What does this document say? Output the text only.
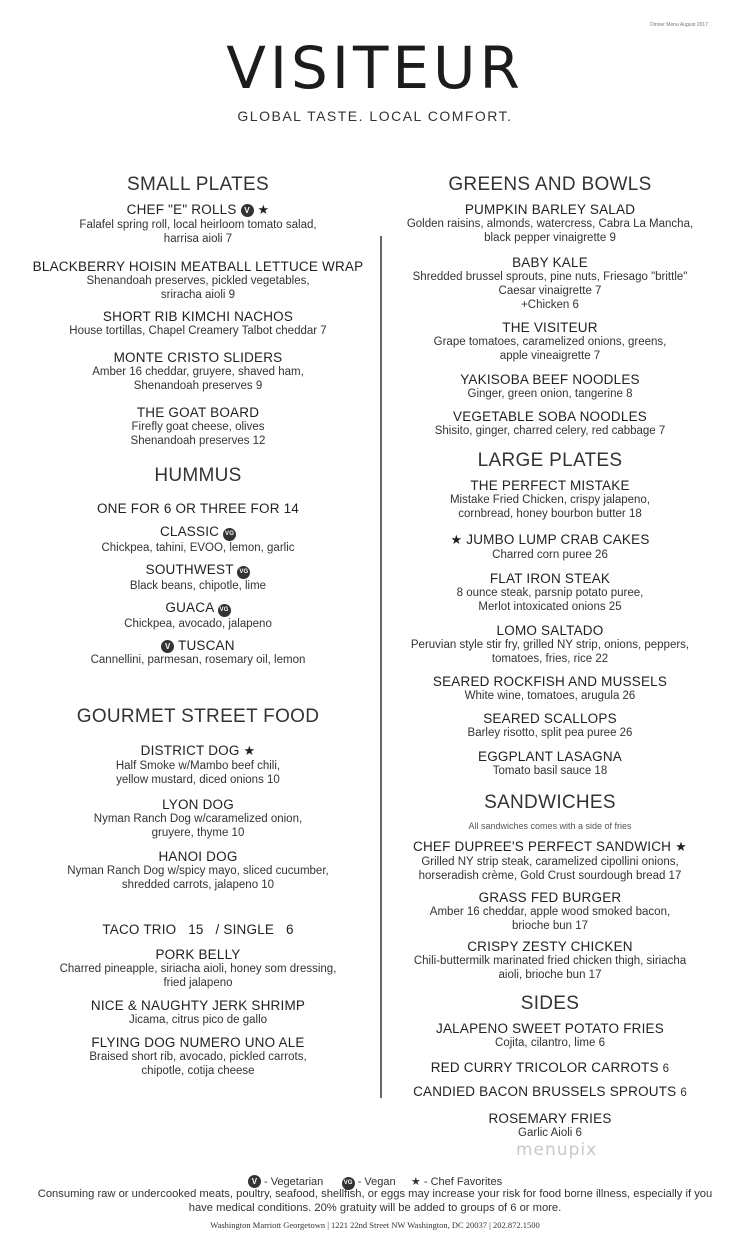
Dinner Menu August 2017
VISITEUR
GLOBAL TASTE. LOCAL COMFORT.
SMALL PLATES
CHEF "E" ROLLS V ★
Falafel spring roll, local heirloom tomato salad,
harrisa aioli 7
BLACKBERRY HOISIN MEATBALL LETTUCE WRAP
Shenandoah preserves, pickled vegetables,
sriracha aioli 9
SHORT RIB KIMCHI NACHOS
House tortillas, Chapel Creamery Talbot cheddar 7
MONTE CRISTO SLIDERS
Amber 16 cheddar, gruyere, shaved ham,
Shenandoah preserves 9
THE GOAT BOARD
Firefly goat cheese, olives
Shenandoah preserves 12
HUMMUS
ONE FOR 6 OR THREE FOR 14
CLASSIC VG
Chickpea, tahini, EVOO, lemon, garlic
SOUTHWEST VG
Black beans, chipotle, lime
GUACA VG
Chickpea, avocado, jalapeno
V TUSCAN
Cannellini, parmesan, rosemary oil, lemon
GOURMET STREET FOOD
DISTRICT DOG ★
Half Smoke w/Mambo beef chili,
yellow mustard, diced onions 10
LYON DOG
Nyman Ranch Dog w/caramelized onion,
gruyere, thyme 10
HANOI DOG
Nyman Ranch Dog w/spicy mayo, sliced cucumber,
shredded carrots, jalapeno 10
TACO TRIO   15   / SINGLE   6
PORK BELLY
Charred pineapple, siriacha aioli, honey som dressing,
fried jalapeno
NICE & NAUGHTY JERK SHRIMP
Jicama, citrus pico de gallo
FLYING DOG NUMERO UNO ALE
Braised short rib, avocado, pickled carrots,
chipotle, cotija cheese
GREENS AND BOWLS
PUMPKIN BARLEY SALAD
Golden raisins, almonds, watercress, Cabra La Mancha,
black pepper vinaigrette 9
BABY KALE
Shredded brussel sprouts, pine nuts, Friesago "brittle"
Caesar vinaigrette 7
+Chicken 6
THE VISITEUR
Grape tomatoes, caramelized onions, greens,
apple vineaigrette 7
YAKISOBA BEEF NOODLES
Ginger, green onion, tangerine 8
VEGETABLE SOBA NOODLES
Shisito, ginger, charred celery, red cabbage 7
LARGE PLATES
THE PERFECT MISTAKE
Mistake Fried Chicken, crispy jalapeno,
cornbread, honey bourbon butter 18
★ JUMBO LUMP CRAB CAKES
Charred corn puree 26
FLAT IRON STEAK
8 ounce steak, parsnip potato puree,
Merlot intoxicated onions 25
LOMO SALTADO
Peruvian style stir fry, grilled NY strip, onions, peppers,
tomatoes, fries, rice 22
SEARED ROCKFISH AND MUSSELS
White wine, tomatoes, arugula 26
SEARED SCALLOPS
Barley risotto, split pea puree 26
EGGPLANT LASAGNA
Tomato basil sauce 18
SANDWICHES
All sandwiches comes with a side of fries
CHEF DUPREE'S PERFECT SANDWICH ★
Grilled NY strip steak, caramelized cipollini onions,
horseradish crème, Gold Crust sourdough bread 17
GRASS FED BURGER
Amber 16 cheddar, apple wood smoked bacon,
brioche bun 17
CRISPY ZESTY CHICKEN
Chili-buttermilk marinated fried chicken thigh, siriacha
aioli, brioche bun 17
SIDES
JALAPENO SWEET POTATO FRIES
Cojita, cilantro, lime 6
RED CURRY TRICOLOR CARROTS 6
CANDIED BACON BRUSSELS SPROUTS 6
ROSEMARY FRIES
Garlic Aioli 6
menupix
V - Vegetarian	VG - Vegan ★ - Chef Favorites
Consuming raw or undercooked meats, poultry, seafood, shellfish, or eggs may increase your risk for food borne illness, especially if you have medical conditions. 20% gratuity will be added to groups of 6 or more.
Washington Marriott Georgetown | 1221 22nd Street NW Washington, DC 20037 | 202.872.1500
